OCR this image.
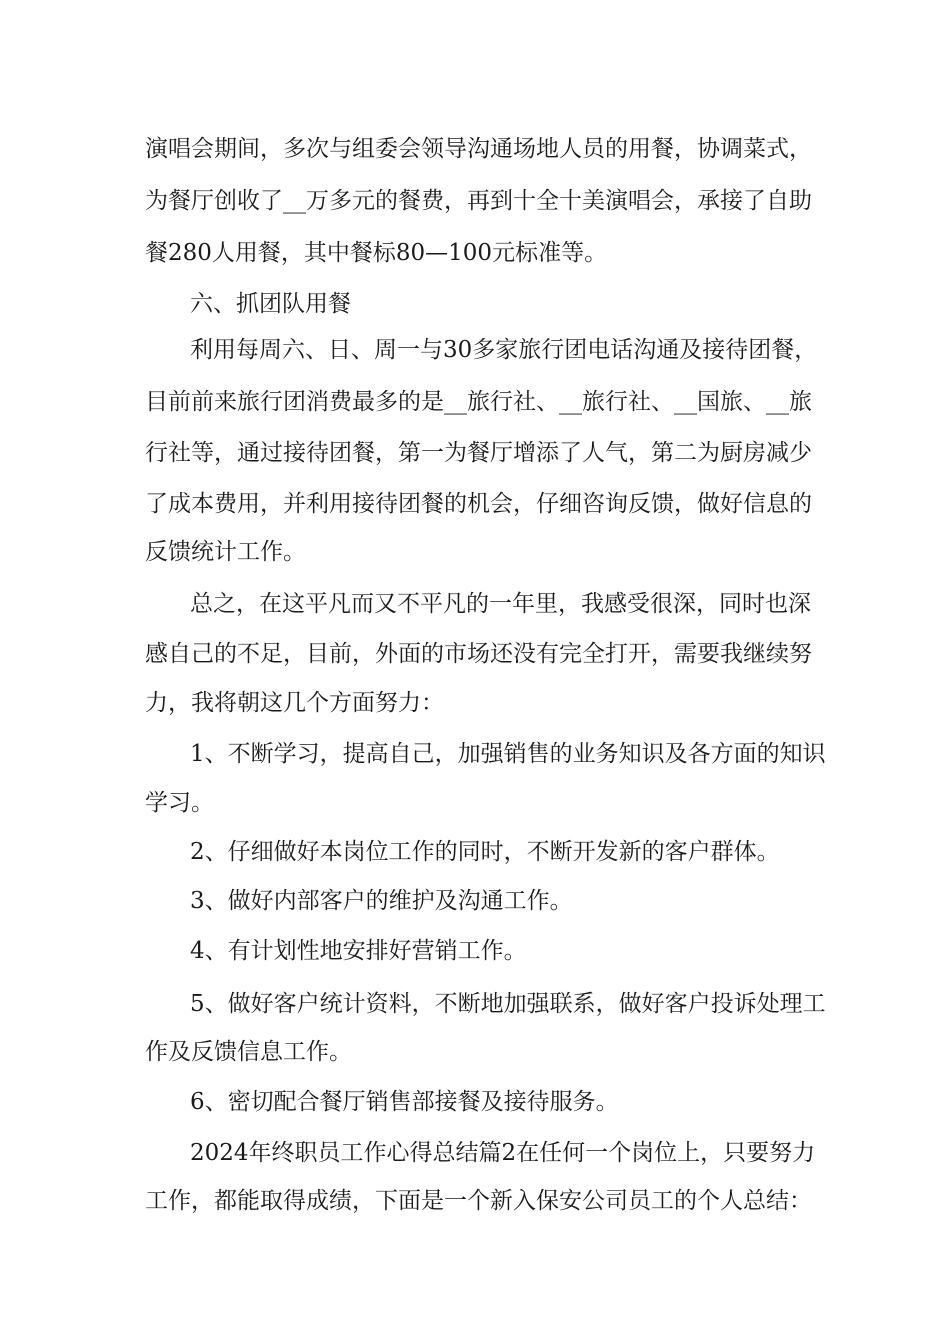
演唱会期间，多次与组委会领导沟通场地人员的用餐，协调菜式，
为餐厅创收了__万多元的餐费，再到十全十美演唱会，承接了自助
餐280人用餐，其中餐标80—100元标准等。
六、抓团队用餐
利用每周六、日、周一与30多家旅行团电话沟通及接待团餐，
目前前来旅行团消费最多的是__旅行社、__旅行社、__国旅、__旅
行社等，通过接待团餐，第一为餐厅增添了人气，第二为厨房减少
了成本费用，并利用接待团餐的机会，仔细咨询反馈，做好信息的
反馈统计工作。
总之，在这平凡而又不平凡的一年里，我感受很深，同时也深
感自己的不足，目前，外面的市场还没有完全打开，需要我继续努
力，我将朝这几个方面努力：
1、不断学习，提高自己，加强销售的业务知识及各方面的知识
学习。
2、仔细做好本岗位工作的同时，不断开发新的客户群体。
3、做好内部客户的维护及沟通工作。
4、有计划性地安排好营销工作。
5、做好客户统计资料，不断地加强联系，做好客户投诉处理工
作及反馈信息工作。
6、密切配合餐厅销售部接餐及接待服务。
2024年终职员工作心得总结篇2在任何一个岗位上，只要努力
工作，都能取得成绩，下面是一个新入保安公司员工的个人总结：
